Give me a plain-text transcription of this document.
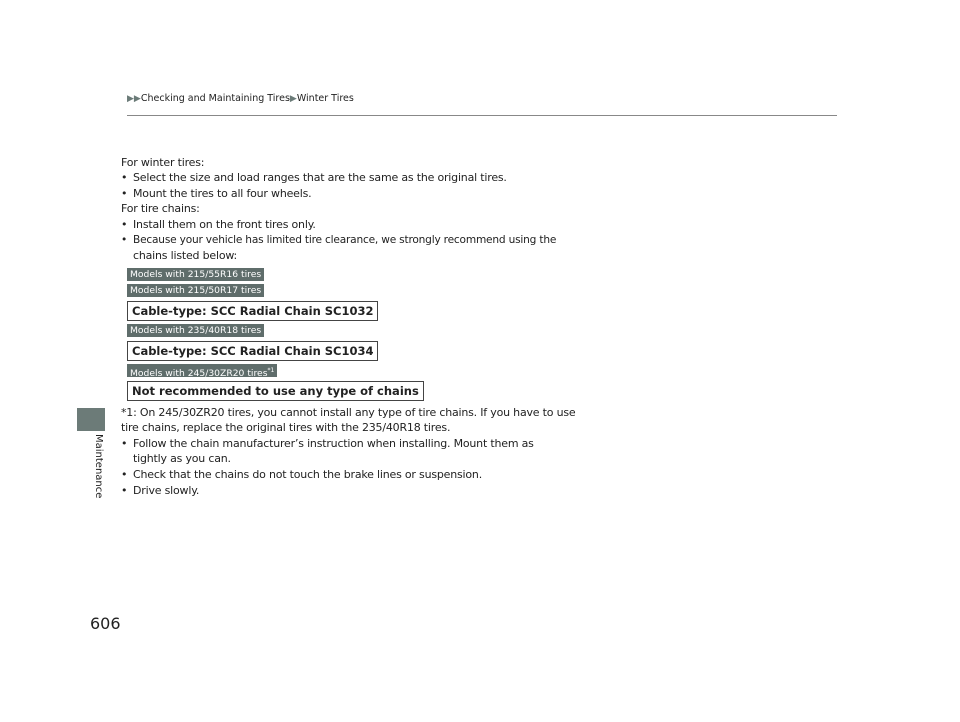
▶▶Checking and Maintaining Tires▶Winter Tires
Maintenance
606
For winter tires:
• Select the size and load ranges that are the same as the original tires.
• Mount the tires to all four wheels.
For tire chains:
• Install them on the front tires only.
• Because your vehicle has limited tire clearance, we strongly recommend using the
chains listed below:
Models with 215/55R16 tires
Models with 215/50R17 tires
Cable-type: SCC Radial Chain SC1032
Models with 235/40R18 tires
Cable-type: SCC Radial Chain SC1034
Models with 245/30ZR20 tires$^{*1}$
Not recommended to use any type of chains
*1: On 245/30ZR20 tires, you cannot install any type of tire chains. If you have to use
tire chains, replace the original tires with the 235/40R18 tires.
• Follow the chain manufacturer’s instruction when installing. Mount them as
tightly as you can.
• Check that the chains do not touch the brake lines or suspension.
• Drive slowly.
